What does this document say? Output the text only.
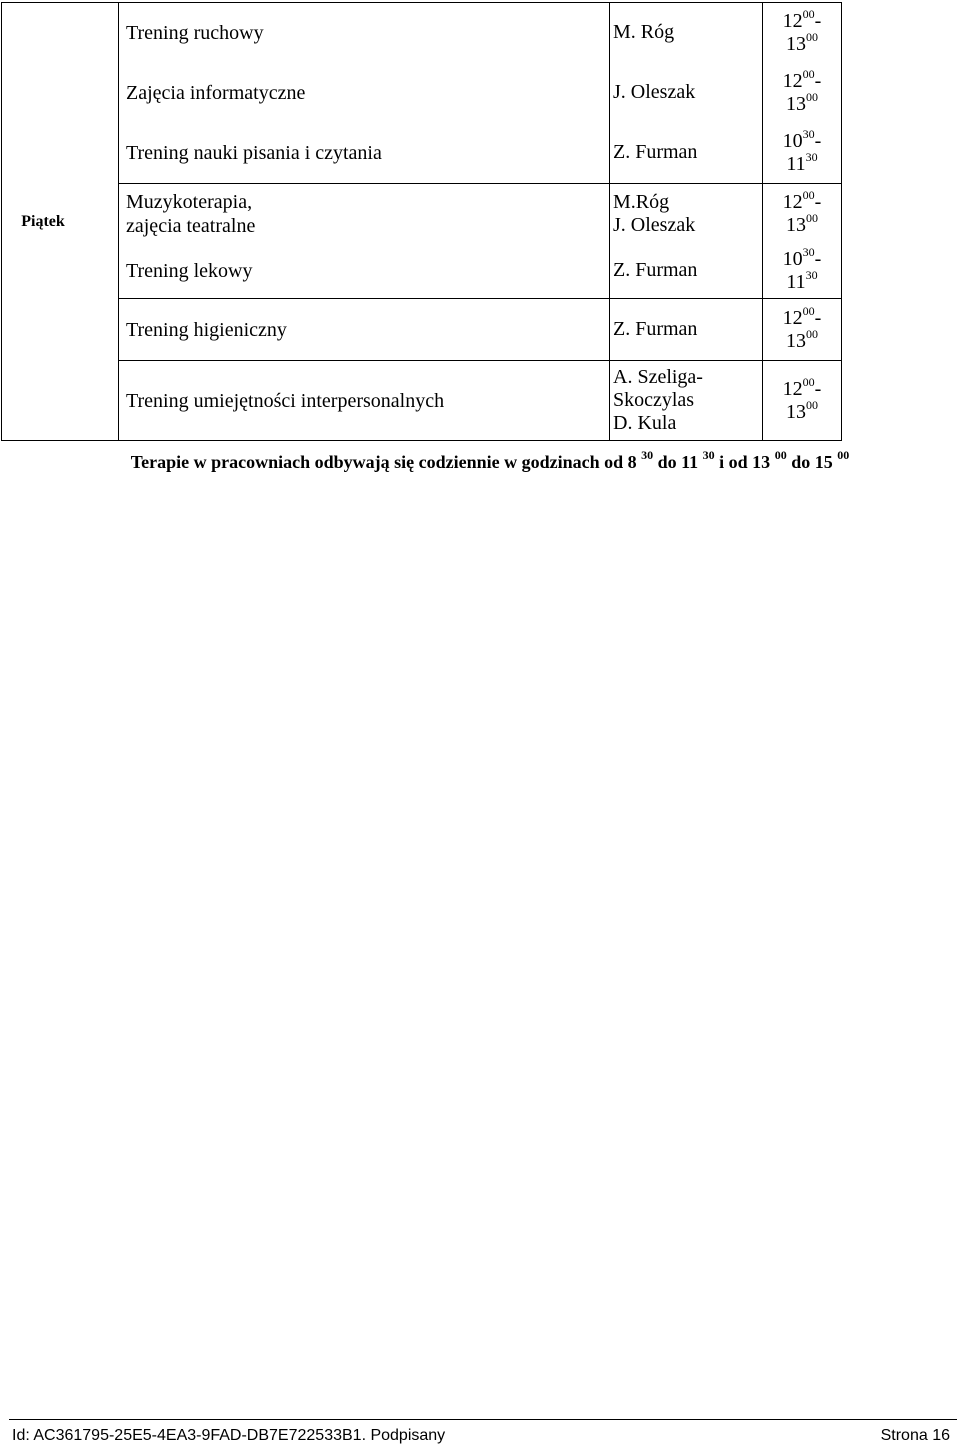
Piątek	Trening ruchowy	M. Róg	$12^{00}-$
$13^{00}$

	Zajęcia informatyczne	J. Oleszak	$12^{00}-$
$13^{00}$

	Trening nauki pisania i czytania	Z. Furman	$10^{30}-$
$11^{30}$

	Muzykoterapia,
zajęcia teatralne	M.Róg
J. Oleszak	$12^{00}-$
$13^{00}$

	Trening lekowy	Z. Furman	$10^{30}-$
$11^{30}$

	Trening higieniczny	Z. Furman	$12^{00}-$
$13^{00}$

	Trening umiejętności interpersonalnych	A. Szeliga-
Skoczylas
D. Kula	$12^{00}-$
$13^{00}$
Terapie w pracowniach odbywają się codziennie w godzinach od 8 $^{30}$ do 11 $^{30}$ i od 13 $^{00}$ do 15 $^{00}$
Id: AC361795-25E5-4EA3-9FAD-DB7E722533B1. Podpisany	Strona 16
